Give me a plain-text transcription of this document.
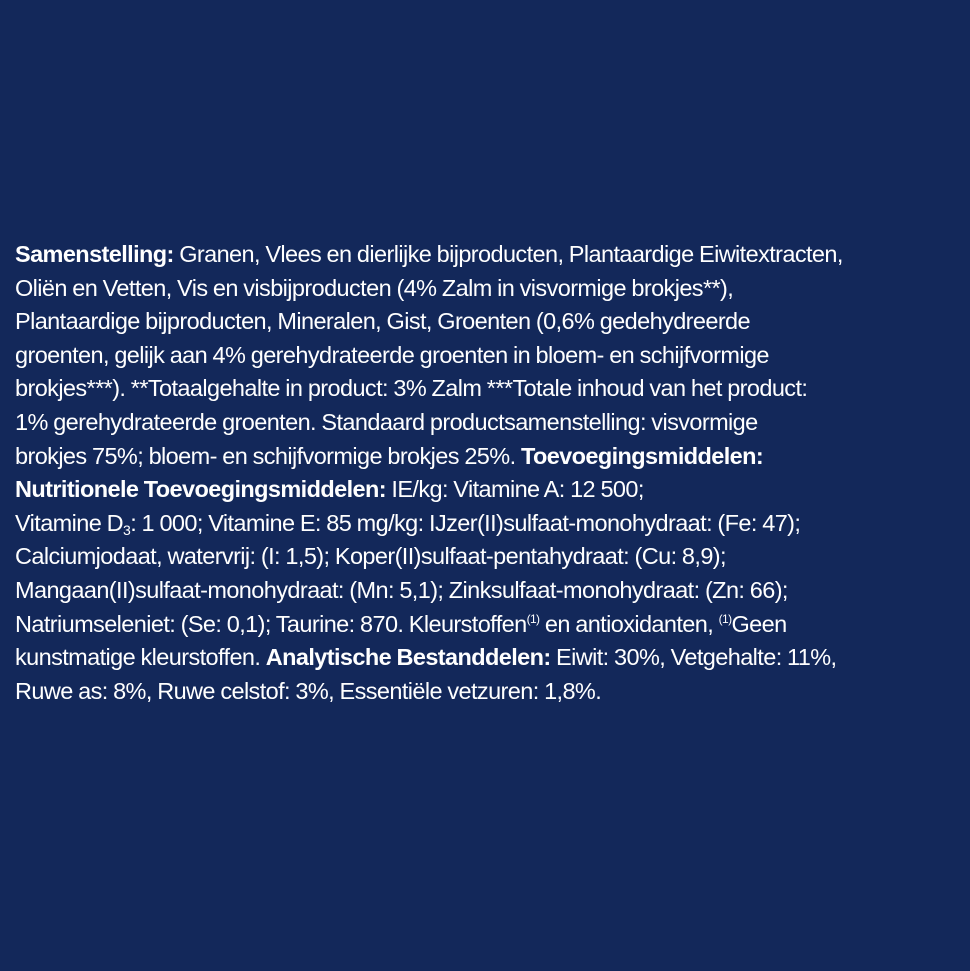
Samenstelling: Granen, Vlees en dierlijke bijproducten, Plantaardige Eiwitextracten,
Oliën en Vetten, Vis en visbijproducten (4% Zalm in visvormige brokjes**),
Plantaardige bijproducten, Mineralen, Gist, Groenten (0,6% gedehydreerde
groenten, gelijk aan 4% gerehydrateerde groenten in bloem- en schijfvormige
brokjes***). **Totaalgehalte in product: 3% Zalm ***Totale inhoud van het product:
1% gerehydrateerde groenten. Standaard productsamenstelling: visvormige
brokjes 75%; bloem- en schijfvormige brokjes 25%. Toevoegingsmiddelen:
Nutritionele Toevoegingsmiddelen: IE/kg: Vitamine A: 12 500;
Vitamine $D_3$: 1 000; Vitamine E: 85 mg/kg: IJzer(II)sulfaat-monohydraat: (Fe: 47);
Calciumjodaat, watervrij: (I: 1,5); Koper(II)sulfaat-pentahydraat: (Cu: 8,9);
Mangaan(II)sulfaat-monohydraat: (Mn: 5,1); Zinksulfaat-monohydraat: (Zn: 66);
Natriumseleniet: (Se: 0,1); Taurine: 870. Kleurstoffen$^{(1)}$ en antioxidanten, $^{(1)}$Geen
kunstmatige kleurstoffen. Analytische Bestanddelen: Eiwit: 30%, Vetgehalte: 11%,
Ruwe as: 8%, Ruwe celstof: 3%, Essentiële vetzuren: 1,8%.
